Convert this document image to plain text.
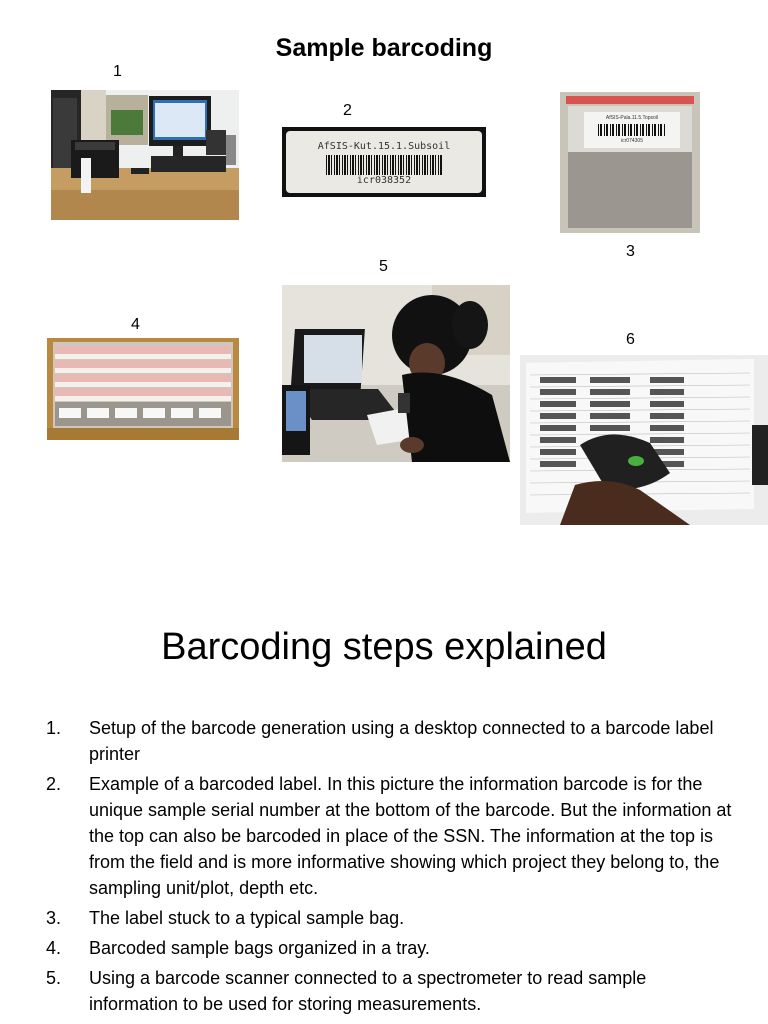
Sample barcoding
1
2
3
4
5
6
AfSIS-Kut.15.1.Subsoil
icr038352
AfSIS-Pala.11.5.Topsoil
icr074305
Barcoding steps explained
1. Setup of the barcode generation using a desktop connected to a barcode label printer
2. Example of a barcoded label. In this picture the information barcode is for the unique sample serial number at the bottom of the barcode. But the information at the top can also be barcoded in place of the SSN. The information at the top is from the field and is more informative showing which project they belong to, the sampling unit/plot, depth etc.
3. The label stuck to a typical sample bag.
4. Barcoded sample bags organized in a tray.
5. Using a barcode scanner connected to a spectrometer to read sample information to be used for storing measurements.
